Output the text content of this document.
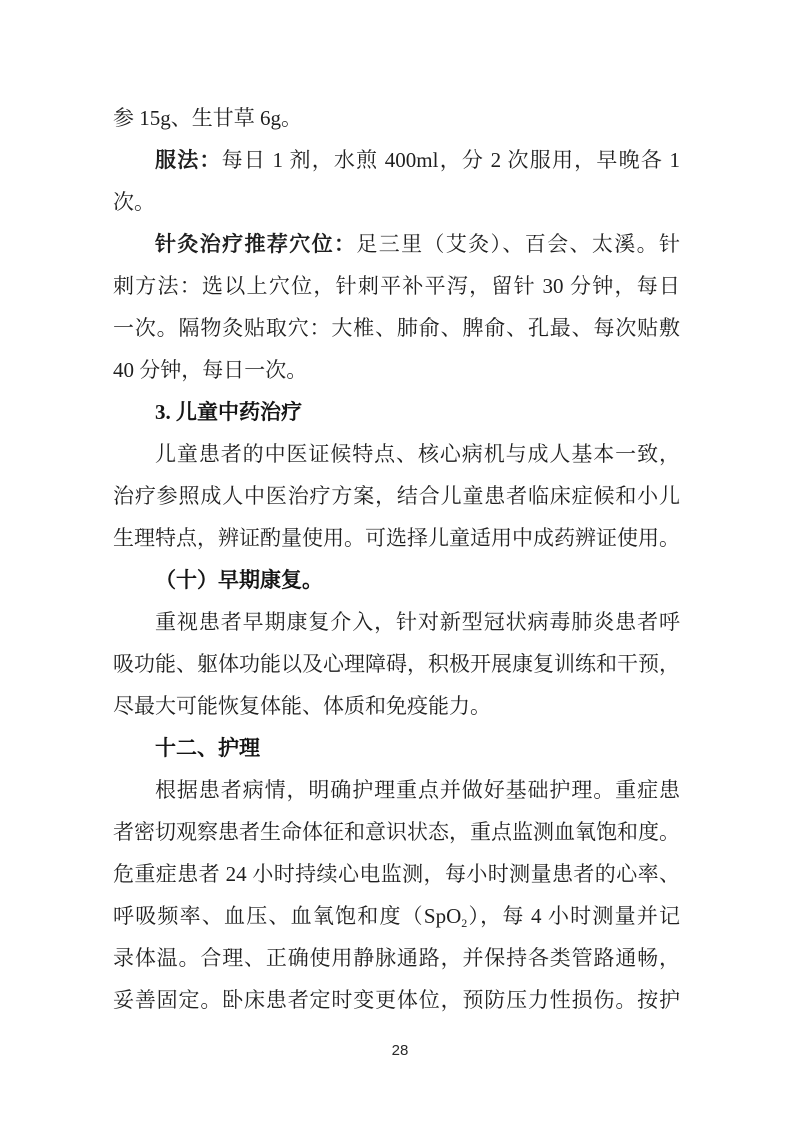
参 15g、生甘草 6g。
服法：每日 1 剂，水煎 400ml，分 2 次服用，早晚各 1
次。
针灸治疗推荐穴位：足三里（艾灸）、百会、太溪。针
刺方法：选以上穴位，针刺平补平泻，留针 30 分钟，每日
一次。隔物灸贴取穴：大椎、肺俞、脾俞、孔最、每次贴敷
40 分钟，每日一次。
3. 儿童中药治疗
儿童患者的中医证候特点、核心病机与成人基本一致，
治疗参照成人中医治疗方案，结合儿童患者临床症候和小儿
生理特点，辨证酌量使用。可选择儿童适用中成药辨证使用。
（十）早期康复。
重视患者早期康复介入，针对新型冠状病毒肺炎患者呼
吸功能、躯体功能以及心理障碍，积极开展康复训练和干预，
尽最大可能恢复体能、体质和免疫能力。
十二、护理
根据患者病情，明确护理重点并做好基础护理。重症患
者密切观察患者生命体征和意识状态，重点监测血氧饱和度。
危重症患者 24 小时持续心电监测，每小时测量患者的心率、
呼吸频率、血压、血氧饱和度（SpO$_2$），每 4 小时测量并记
录体温。合理、正确使用静脉通路，并保持各类管路通畅，
妥善固定。卧床患者定时变更体位，预防压力性损伤。按护
28
